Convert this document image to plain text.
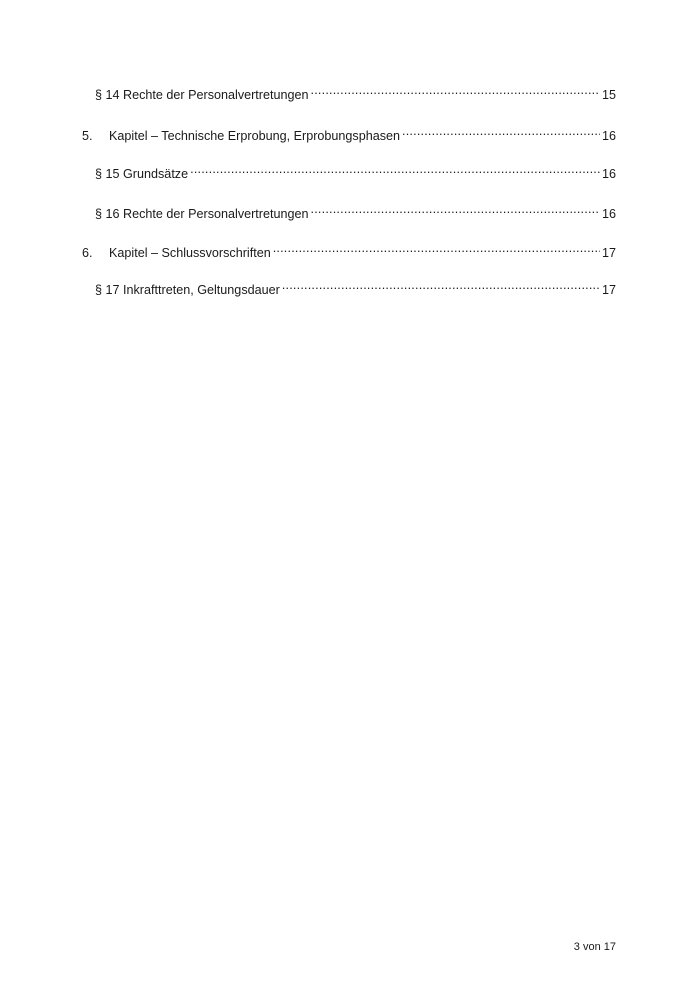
§ 14 Rechte der Personalvertretungen .....	15
5.	Kapitel – Technische Erprobung, Erprobungsphasen .....	16
§ 15 Grundsätze .....	16
§ 16 Rechte der Personalvertretungen .....	16
6.	Kapitel – Schlussvorschriften .....	17
§ 17 Inkrafttreten, Geltungsdauer .....	17
3 von 17
